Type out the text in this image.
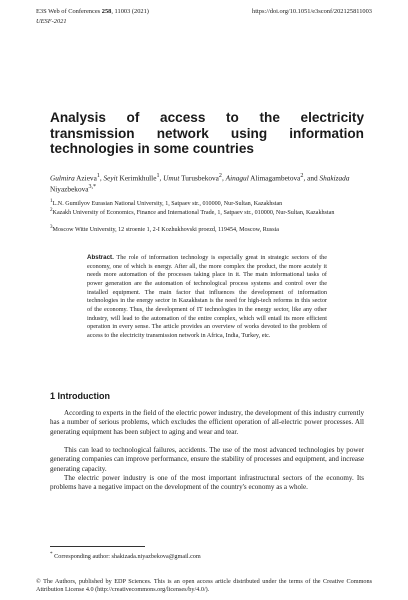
E3S Web of Conferences 258, 11003 (2021)	https://doi.org/10.1051/e3sconf/202125811003
UESF-2021
Analysis of access to the electricity transmission network using information technologies in some countries
Gulmira Azieva$^1$, Seyit Kerimkhulle$^1$, Umut Turusbekova$^2$, Ainagul Alimagambetova$^2$, and Shakizada Niyazbekova$^{3,*}$
$^1$L.N. Gumilyov Eurasian National University, 1, Satpaev str., 010000, Nur-Sultan, Kazakhstan
$^2$Kazakh University of Economics, Finance and International Trade, 1, Satpaev str., 010000, Nur-Sultan, Kazakhstan
$^3$Moscow Witte University, 12 stroenie 1, 2-I Kozhukhovski proezd, 119454, Moscow, Russia
Abstract. The role of information technology is especially great in strategic sectors of the economy, one of which is energy. After all, the more complex the product, the more acutely it needs more automation of the processes taking place in it. The main informational tasks of power generation are the automation of technological process systems and control over the installed equipment. The main factor that influences the development of information technologies in the energy sector in Kazakhstan is the need for high-tech reforms in this sector of the economy. Thus, the development of IT technologies in the energy sector, like any other industry, will lead to the automation of the entire complex, which will entail its more efficient operation in every sense. The article provides an overview of works devoted to the problem of access to the electricity transmission network in Africa, India, Turkey, etc.
1 Introduction

According to experts in the field of the electric power industry, the development of this industry currently has a number of serious problems, which excludes the efficient operation of all-electric power processes. All generating equipment has been subject to aging and wear and tear.

This can lead to technological failures, accidents. The use of the most advanced technologies by power generating companies can improve performance, ensure the stability of processes and equipment, and increase generating capacity.

The electric power industry is one of the most important infrastructural sectors of the economy. Its problems have a negative impact on the development of the country's economy as a whole.

* Corresponding author: shakizada.niyazbekova@gmail.com
© The Authors, published by EDP Sciences. This is an open access article distributed under the terms of the Creative Commons Attribution License 4.0 (http://creativecommons.org/licenses/by/4.0/).
